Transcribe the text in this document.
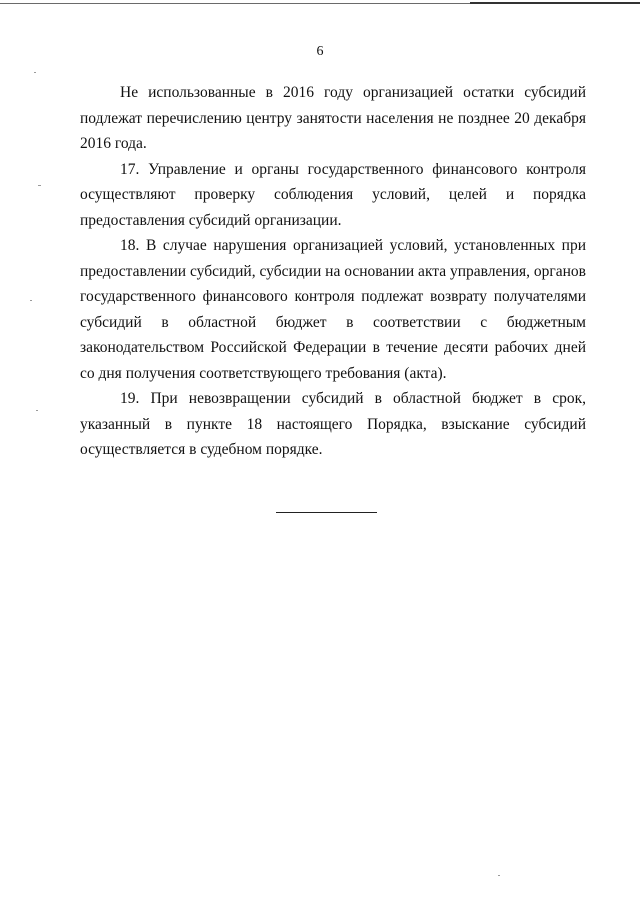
6

Не использованные в 2016 году организацией остатки субсидий подлежат перечислению центру занятости населения не позднее 20 декабря 2016 года.

17. Управление и органы государственного финансового контроля осуществляют проверку соблюдения условий, целей и порядка предоставления субсидий организации.

18. В случае нарушения организацией условий, установленных при предоставлении субсидий, субсидии на основании акта управления, органов государственного финансового контроля подлежат возврату получателями субсидий в областной бюджет в соответствии с бюджетным законодательством Российской Федерации в течение десяти рабочих дней со дня получения соответствующего требования (акта).

19. При невозвращении субсидий в областной бюджет в срок, указанный в пункте 18 настоящего Порядка, взыскание субсидий осуществляется в судебном порядке.
